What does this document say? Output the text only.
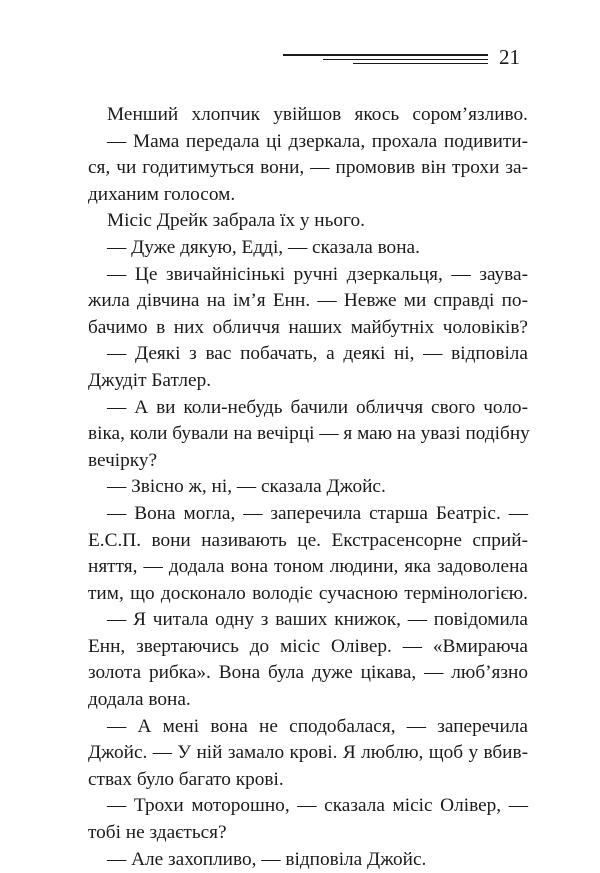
21
Менший хлопчик увійшов якось сором’язливо.
— Мама передала ці дзеркала, прохала подивити-
ся, чи годитимуться вони, — промовив він трохи за-
диханим голосом.
Місіс Дрейк забрала їх у нього.
— Дуже дякую, Едді, — сказала вона.
— Це звичайнісінькі ручні дзеркальця, — заува-
жила дівчина на ім’я Енн. — Невже ми справді по-
бачимо в них обличчя наших майбутніх чоловіків?
— Деякі з вас побачать, а деякі ні, — відповіла
Джудіт Батлер.
— А ви коли-небудь бачили обличчя свого чоло-
віка, коли бували на вечірці — я маю на увазі подібну
вечірку?
— Звісно ж, ні, — сказала Джойс.
— Вона могла, — заперечила старша Беатріс. —
Е.С.П. вони називають це. Екстрасенсорне сприй-
няття, — додала вона тоном людини, яка задоволена
тим, що досконало володіє сучасною термінологією.
— Я читала одну з ваших книжок, — повідомила
Енн, звертаючись до місіс Олівер. — «Вмираюча
золота рибка». Вона була дуже цікава, — люб’язно
додала вона.
— А мені вона не сподобалася, — заперечила
Джойс. — У ній замало крові. Я люблю, щоб у вбив-
ствах було багато крові.
— Трохи моторошно, — сказала місіс Олівер, —
тобі не здається?
— Але захопливо, — відповіла Джойс.
